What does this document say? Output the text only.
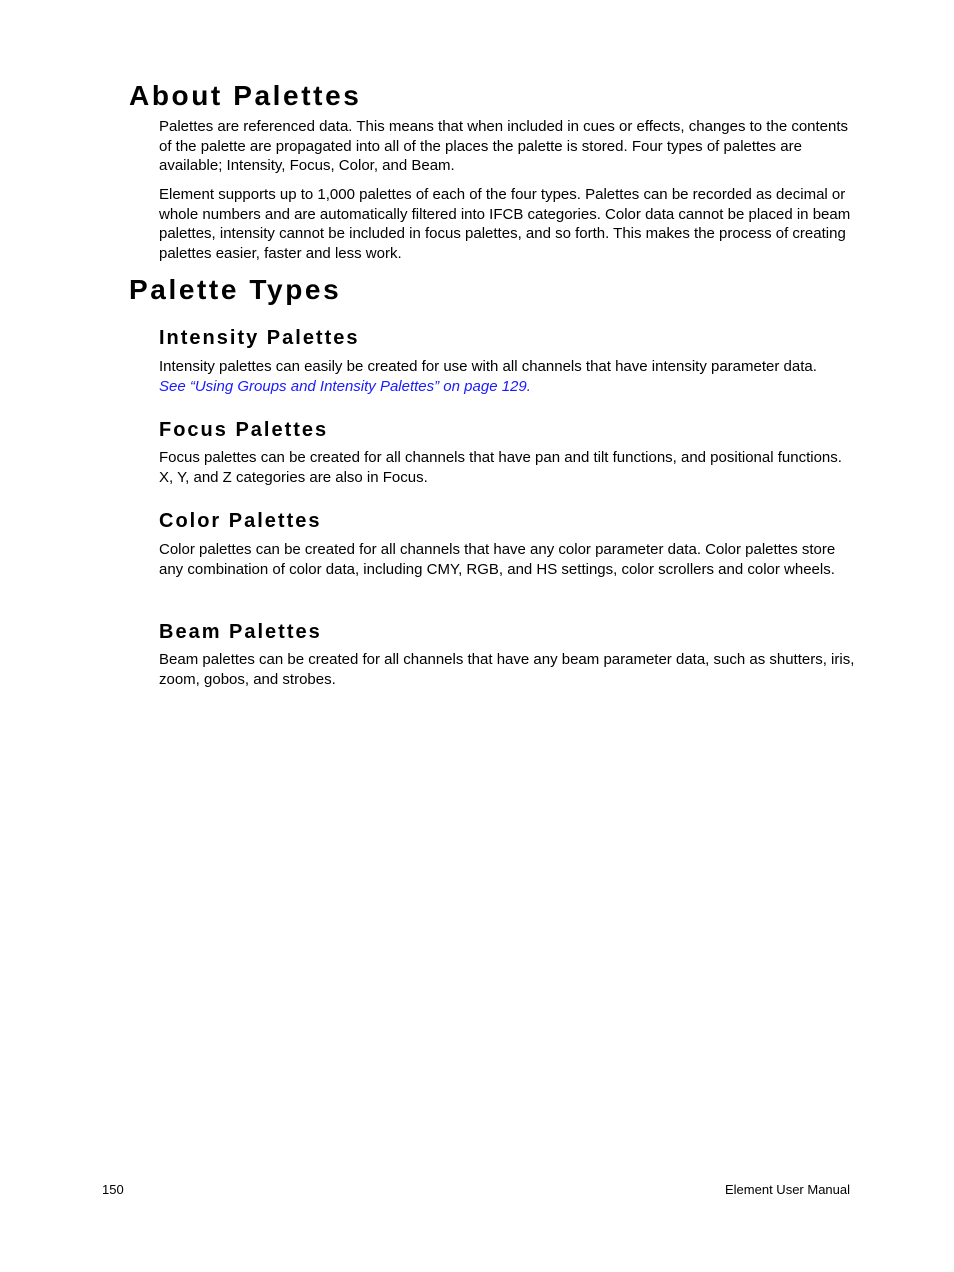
About Palettes

Palettes are referenced data. This means that when included in cues or effects, changes to the contents of the palette are propagated into all of the places the palette is stored. Four types of palettes are available; Intensity, Focus, Color, and Beam.

Element supports up to 1,000 palettes of each of the four types. Palettes can be recorded as decimal or whole numbers and are automatically filtered into IFCB categories. Color data cannot be placed in beam palettes, intensity cannot be included in focus palettes, and so forth. This makes the process of creating palettes easier, faster and less work.

Palette Types
Intensity Palettes

Intensity palettes can easily be created for use with all channels that have intensity parameter data.
See “Using Groups and Intensity Palettes” on page 129.

Focus Palettes

Focus palettes can be created for all channels that have pan and tilt functions, and positional functions. X, Y, and Z categories are also in Focus.

Color Palettes

Color palettes can be created for all channels that have any color parameter data. Color palettes store any combination of color data, including CMY, RGB, and HS settings, color scrollers and color wheels.

Beam Palettes

Beam palettes can be created for all channels that have any beam parameter data, such as shutters, iris, zoom, gobos, and strobes.

150	Element User Manual
